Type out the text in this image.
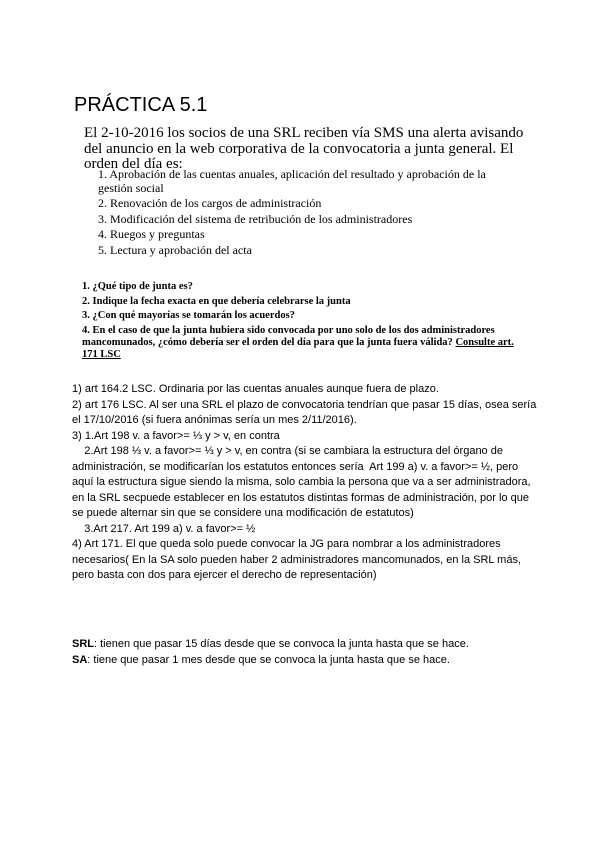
PRÁCTICA 5.1
El 2-10-2016 los socios de una SRL reciben vía SMS una alerta avisando del anuncio en la web corporativa de la convocatoria a junta general. El orden del día es:
1. Aprobación de las cuentas anuales, aplicación del resultado y aprobación de la gestión social
2. Renovación de los cargos de administración
3. Modificación del sistema de retribución de los administradores
4. Ruegos y preguntas
5. Lectura y aprobación del acta
1. ¿Qué tipo de junta es?
2. Indique la fecha exacta en que debería celebrarse la junta
3. ¿Con qué mayorías se tomarán los acuerdos?
4. En el caso de que la junta hubiera sido convocada por uno solo de los dos administradores mancomunados, ¿cómo debería ser el orden del día para que la junta fuera válida? Consulte art. 171 LSC

1) art 164.2 LSC. Ordinaria por las cuentas anuales aunque fuera de plazo.

2) art 176 LSC. Al ser una SRL el plazo de convocatoria tendrían que pasar 15 días, osea sería el 17/10/2016 (si fuera anónimas sería un mes 2/11/2016).

3) 1.Art 198 v. a favor>= ⅓ y > v, en contra

2.Art 198 ⅓ v. a favor>= ⅓ y > v, en contra (si se cambiara la estructura del órgano de administración, se modificarían los estatutos entonces sería  Art 199 a) v. a favor>= ½, pero aquí la estructura sigue siendo la misma, solo cambia la persona que va a ser administradora, en la SRL secpuede establecer en los estatutos distintas formas de administración, por lo que se puede alternar sin que se considere una modificación de estatutos)

3.Art 217. Art 199 a) v. a favor>= ½

4) Art 171. El que queda solo puede convocar la JG para nombrar a los administradores necesarios( En la SA solo pueden haber 2 administradores mancomunados, en la SRL más, pero basta con dos para ejercer el derecho de representación)

SRL: tienen que pasar 15 días desde que se convoca la junta hasta que se hace.

SA: tiene que pasar 1 mes desde que se convoca la junta hasta que se hace.
